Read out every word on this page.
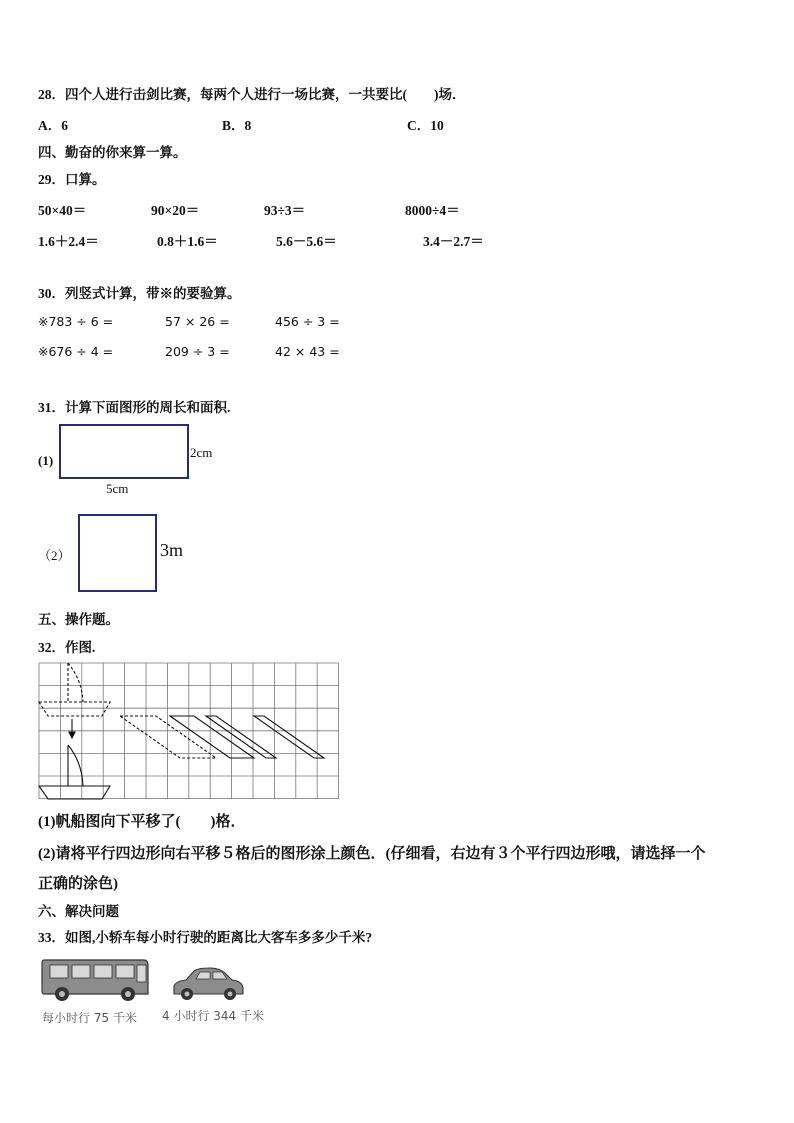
28．四个人进行击剑比赛，每两个人进行一场比赛，一共要比(　　)场．
A．6	B．8	C．10
四、勤奋的你来算一算。
29．口算。
50×40＝	90×20＝	93÷3＝	8000÷4＝
1.6＋2.4＝	0.8＋1.6＝	5.6－5.6＝	3.4－2.7＝
30．列竖式计算，带※的要验算。
※783 ÷ 6 =	57 × 26 =	456 ÷ 3 =
※676 ÷ 4 =	209 ÷ 3 =	42 × 43 =
31．计算下面图形的周长和面积.
(1)
2cm
5cm
（2）	3m
五、操作题。
32．作图.
(1)帆船图向下平移了(　　)格．
(2)请将平行四边形向右平移５格后的图形涂上颜色．(仔细看，右边有３个平行四边形哦，请选择一个
正确的涂色)
六、解决问题
33．如图,小轿车每小时行驶的距离比大客车多多少千米?
每小时行 75 千米 4 小时行 344 千米
